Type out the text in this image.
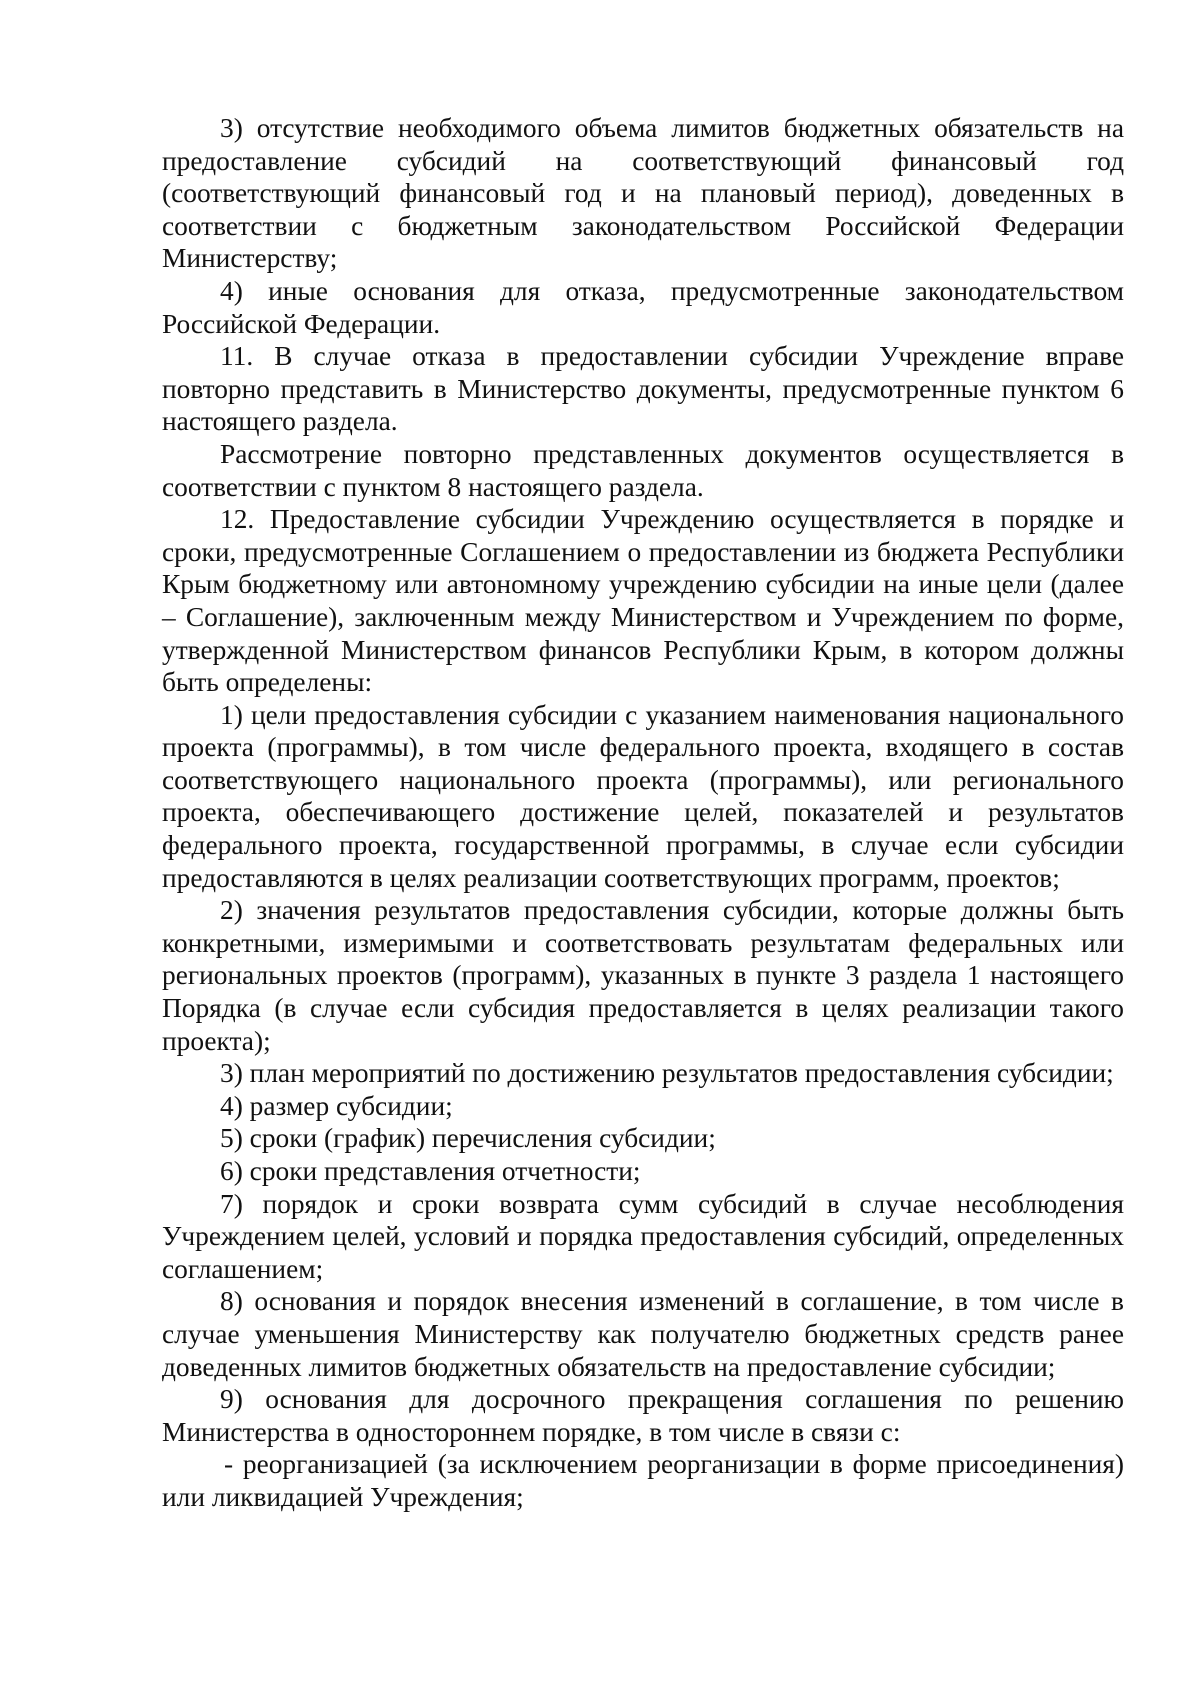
3) отсутствие необходимого объема лимитов бюджетных обязательств на предоставление субсидий на соответствующий финансовый год (соответствующий финансовый год и на плановый период), доведенных в соответствии с бюджетным законодательством Российской Федерации Министерству;

4) иные основания для отказа, предусмотренные законодательством Российской Федерации.

11. В случае отказа в предоставлении субсидии Учреждение вправе повторно представить в Министерство документы, предусмотренные пунктом 6 настоящего раздела.

Рассмотрение повторно представленных документов осуществляется в соответствии с пунктом 8 настоящего раздела.

12. Предоставление субсидии Учреждению осуществляется в порядке и сроки, предусмотренные Соглашением о предоставлении из бюджета Республики Крым бюджетному или автономному учреждению субсидии на иные цели (далее – Соглашение), заключенным между Министерством и Учреждением по форме, утвержденной Министерством финансов Республики Крым, в котором должны быть определены:

1) цели предоставления субсидии с указанием наименования национального проекта (программы), в том числе федерального проекта, входящего в состав соответствующего национального проекта (программы), или регионального проекта, обеспечивающего достижение целей, показателей и результатов федерального проекта, государственной программы, в случае если субсидии предоставляются в целях реализации соответствующих программ, проектов;

2) значения результатов предоставления субсидии, которые должны быть конкретными, измеримыми и соответствовать результатам федеральных или региональных проектов (программ), указанных в пункте 3 раздела 1 настоящего Порядка (в случае если субсидия предоставляется в целях реализации такого проекта);

3) план мероприятий по достижению результатов предоставления субсидии;

4) размер субсидии;

5) сроки (график) перечисления субсидии;

6) сроки представления отчетности;

7) порядок и сроки возврата сумм субсидий в случае несоблюдения Учреждением целей, условий и порядка предоставления субсидий, определенных соглашением;

8) основания и порядок внесения изменений в соглашение, в том числе в случае уменьшения Министерству как получателю бюджетных средств ранее доведенных лимитов бюджетных обязательств на предоставление субсидии;

9) основания для досрочного прекращения соглашения по решению Министерства в одностороннем порядке, в том числе в связи с:

- реорганизацией (за исключением реорганизации в форме присоединения) или ликвидацией Учреждения;
